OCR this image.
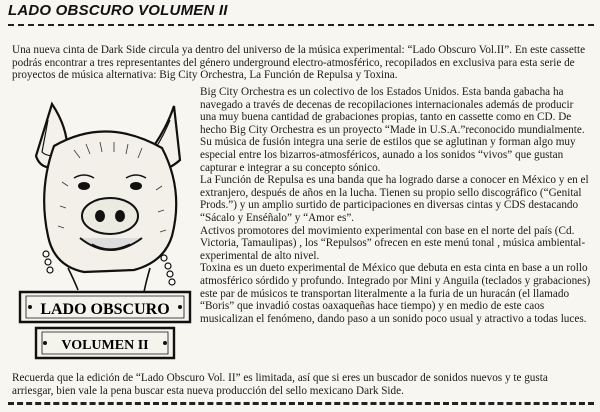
LADO OBSCURO VOLUMEN II
Una nueva cinta de Dark Side circula ya dentro del universo de la música experimental: “Lado Obscuro Vol.II”. En este cassette podrás encontrar a tres representantes del género underground electro-atmosférico, recopilados en exclusiva para esta serie de proyectos de música alternativa: Big City Orchestra, La Función de Repulsa y Toxina.
LADO OBSCURO
VOLUMEN II

Big City Orchestra es un colectivo de los Estados Unidos. Esta banda gabacha ha navegado a través de decenas de recopilaciones internacionales además de producir una muy buena cantidad de grabaciones propias, tanto en cassette como en CD. De hecho Big City Orchestra es un proyecto “Made in U.S.A.”reconocido mundialmente.

Su música de fusión integra una serie de estilos que se aglutinan y forman algo muy especial entre los bizarros-atmosféricos, aunado a los sonidos “vivos” que gustan capturar e integrar a su concepto sónico.

La Función de Repulsa es una banda que ha logrado darse a conocer en México y en el extranjero, después de años en la lucha. Tienen su propio sello discográfico (“Genital Prods.”) y un amplio surtido de participaciones en diversas cintas y CDS destacando “Sácalo y Enséñalo” y “Amor es”.

Activos promotores del movimiento experimental con base en el norte del país (Cd. Victoria, Tamaulipas) , los “Repulsos” ofrecen en este menú tonal , música ambiental-experimental de alto nivel.

Toxina es un dueto experimental de México que debuta en esta cinta en base a un rollo atmosférico sórdido y profundo. Integrado por Mini y Anguila (teclados y grabaciones) este par de músicos te transportan literalmente a la furia de un huracán (el llamado “Boris” que invadió costas oaxaqueñas hace tiempo) y en medio de este caos musicalizan el fenómeno, dando paso a un sonido poco usual y atractivo a todas luces.

Recuerda que la edición de “Lado Obscuro Vol. II” es limitada, así que si eres un buscador de sonidos nuevos y te gusta arriesgar, bien vale la pena buscar esta nueva producción del sello mexicano Dark Side.
